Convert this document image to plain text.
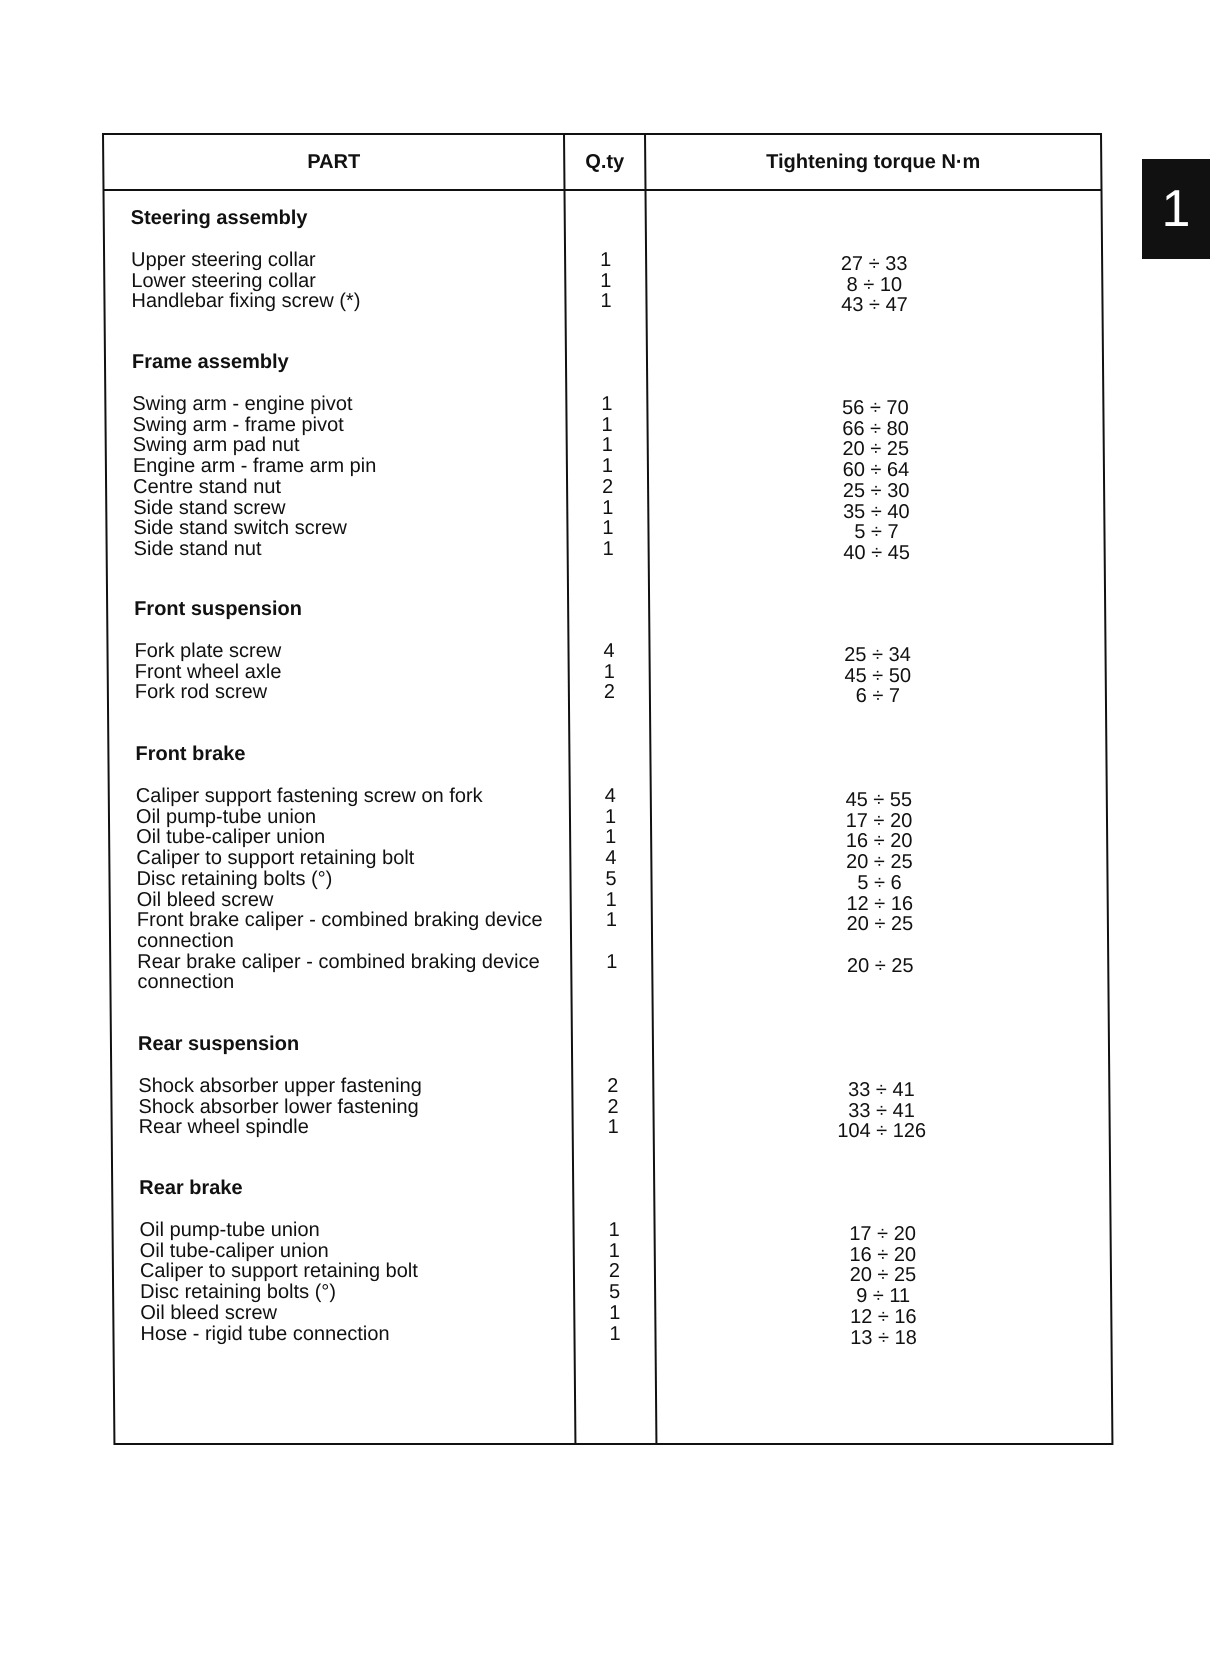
1
PART	Q.ty	Tightening torque N·m
Steering assembly
Upper steering collar	1	27 ÷ 33
Lower steering collar	1	8 ÷ 10
Handlebar fixing screw (*)	1	43 ÷ 47
Frame assembly
Swing arm - engine pivot	1	56 ÷ 70
Swing arm - frame pivot	1	66 ÷ 80
Swing arm pad nut	1	20 ÷ 25
Engine arm - frame arm pin	1	60 ÷ 64
Centre stand nut	2	25 ÷ 30
Side stand screw	1	35 ÷ 40
Side stand switch screw	1	5 ÷ 7
Side stand nut	1	40 ÷ 45
Front suspension
Fork plate screw	4	25 ÷ 34
Front wheel axle	1	45 ÷ 50
Fork rod screw	2	6 ÷ 7
Front brake
Caliper support fastening screw on fork	4	45 ÷ 55
Oil pump-tube union	1	17 ÷ 20
Oil tube-caliper union	1	16 ÷ 20
Caliper to support retaining bolt	4	20 ÷ 25
Disc retaining bolts (°)	5	5 ÷ 6
Oil bleed screw	1	12 ÷ 16
Front brake caliper - combined braking device	1	20 ÷ 25
connection
Rear brake caliper - combined braking device	1	20 ÷ 25
connection
Rear suspension
Shock absorber upper fastening	2	33 ÷ 41
Shock absorber lower fastening	2	33 ÷ 41
Rear wheel spindle	1	104 ÷ 126
Rear brake
Oil pump-tube union	1	17 ÷ 20
Oil tube-caliper union	1	16 ÷ 20
Caliper to support retaining bolt	2	20 ÷ 25
Disc retaining bolts (°)	5	9 ÷ 11
Oil bleed screw	1	12 ÷ 16
Hose - rigid tube connection	1	13 ÷ 18
